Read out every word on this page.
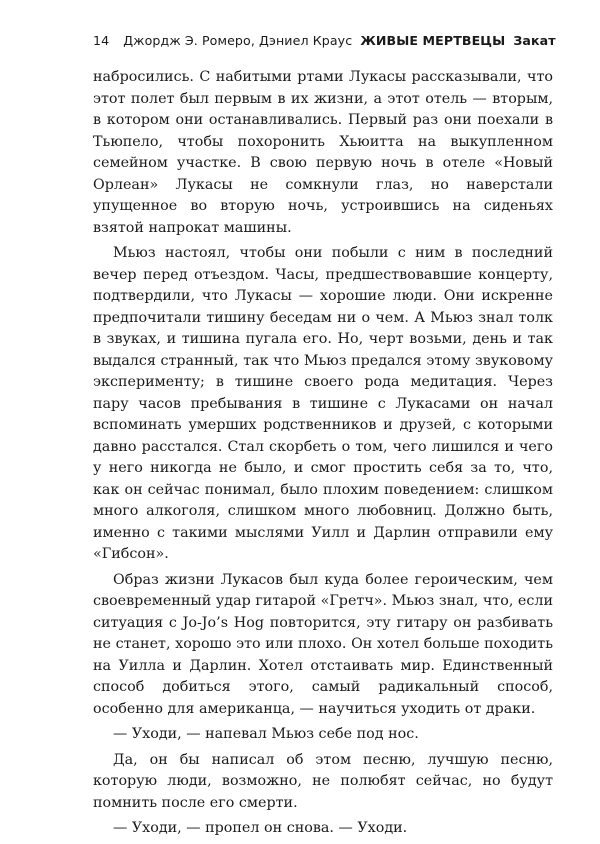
14 Джордж Э. Ромеро, Дэниел Краус ЖИВЫЕ МЕРТВЕЦЫ Закат

набросились. С набитыми ртами Лукасы рассказывали, что этот полет был первым в их жизни, а этот отель — вторым, в котором они останавливались. Первый раз они поехали в Тьюпело, чтобы похоронить Хьюитта на выкупленном семейном участке. В свою первую ночь в отеле «Новый Орлеан» Лукасы не сомкнули глаз, но наверстали упущенное во вторую ночь, устроившись на сиденьях взятой напрокат машины.

Мьюз настоял, чтобы они побыли с ним в последний вечер перед отъездом. Часы, предшествовавшие концерту, подтвердили, что Лукасы — хорошие люди. Они искренне предпочитали тишину беседам ни о чем. А Мьюз знал толк в звуках, и тишина пугала его. Но, черт возьми, день и так выдался странный, так что Мьюз предался этому звуковому эксперименту; в тишине своего рода медитация. Через пару часов пребывания в тишине с Лукасами он начал вспоминать умерших родственников и друзей, с которыми давно расстался. Стал скорбеть о том, чего лишился и чего у него никогда не было, и смог простить себя за то, что, как он сейчас понимал, было плохим поведением: слишком много алкоголя, слишком много любовниц. Должно быть, именно с такими мыслями Уилл и Дарлин отправили ему «Гибсон».

Образ жизни Лукасов был куда более героическим, чем своевременный удар гитарой «Гретч». Мьюз знал, что, если ситуация с Jo-Jo’s Hog повторится, эту гитару он разбивать не станет, хорошо это или плохо. Он хотел больше походить на Уилла и Дарлин. Хотел отстаивать мир. Единственный способ добиться этого, самый радикальный способ, особенно для американца, — научиться уходить от драки.

— Уходи, — напевал Мьюз себе под нос.

Да, он бы написал об этом песню, лучшую песню, которую люди, возможно, не полюбят сейчас, но будут помнить после его смерти.

— Уходи, — пропел он снова. — Уходи.
